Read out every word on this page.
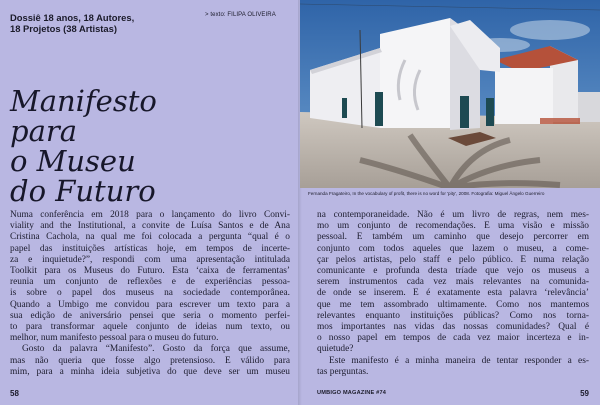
Dossiê 18 anos, 18 Autores,
18 Projetos (38 Artistas)
> texto: FILIPA OLIVEIRA
Manifesto
para
o Museu
do Futuro
Numa conferência em 2018 para o lançamento do livro Convi-
viality and the Institutional, a convite de Luísa Santos e de Ana
Cristina Cachola, na qual me foi colocada a pergunta “qual é o
papel das instituições artísticas hoje, em tempos de incerte-
za e inquietude?”, respondi com uma apresentação intitulada
Toolkit para os Museus do Futuro. Esta ‘caixa de ferramentas’
reunia um conjunto de reflexões e de experiências pessoa-
is sobre o papel dos museus na sociedade contemporânea.
Quando a Umbigo me convidou para escrever um texto para a
sua edição de aniversário pensei que seria o momento perfei-
to para transformar aquele conjunto de ideias num texto, ou
melhor, num manifesto pessoal para o museu do futuro.
Gosto da palavra “Manifesto”. Gosto da força que assume,
mas não queria que fosse algo pretensioso. É válido para
mim, para a minha ideia subjetiva do que deve ser um museu
58
na contemporaneidade. Não é um livro de regras, nem mes-
mo um conjunto de recomendações. É uma visão e missão
pessoal. É também um caminho que desejo percorrer em
conjunto com todos aqueles que lazem o museu, a come-
çar pelos artistas, pelo staff e pelo público. É numa relação
comunicante e profunda desta tríade que vejo os museus a
serem instrumentos cada vez mais relevantes na comunida-
de onde se inserem. E é exatamente esta palavra ‘relevância’
que me tem assombrado ultimamente. Como nos mantemos
relevantes enquanto instituições públicas? Como nos torna-
mos importantes nas vidas das nossas comunidades? Qual é
o nosso papel em tempos de cada vez maior incerteza e in-
quietude?
Este manifesto é a minha maneira de tentar responder a es-
tas perguntas.
UMBIGO MAGAZINE #74	59
Fernanda Fragateiro, In the vocabulary of profit, there is no word for 'pity', 2008. Fotografia: Miguel Ângelo Guerreiro
